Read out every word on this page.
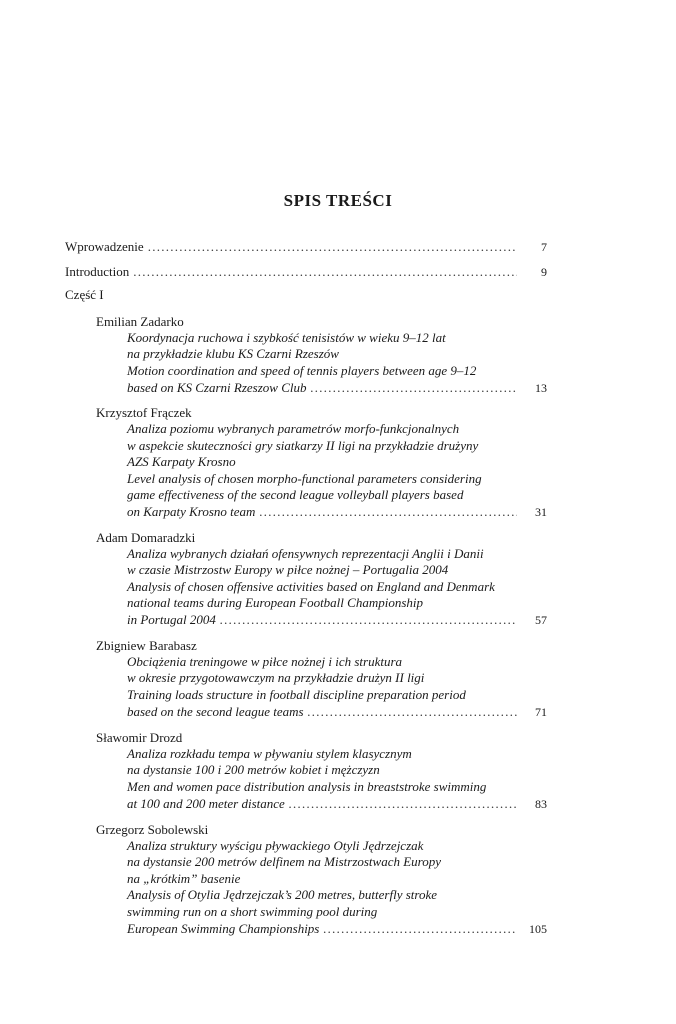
SPIS TREŚCI
Wprowadzenie . . .	7
Introduction . . .	9
Część I
Emilian Zadarko
Koordynacja ruchowa i szybkość tenisistów w wieku 9–12 lat
na przykładzie klubu KS Czarni Rzeszów
Motion coordination and speed of tennis players between age 9–12
based on KS Czarni Rzeszow Club . . .	13
Krzysztof Frączek
Analiza poziomu wybranych parametrów morfo-funkcjonalnych
w aspekcie skuteczności gry siatkarzy II ligi na przykładzie drużyny
AZS Karpaty Krosno
Level analysis of chosen morpho-functional parameters considering
game effectiveness of the second league volleyball players based
on Karpaty Krosno team . . .	31
Adam Domaradzki
Analiza wybranych działań ofensywnych reprezentacji Anglii i Danii
w czasie Mistrzostw Europy w piłce nożnej – Portugalia 2004
Analysis of chosen offensive activities based on England and Denmark
national teams during European Football Championship
in Portugal 2004 . . .	57
Zbigniew Barabasz
Obciążenia treningowe w piłce nożnej i ich struktura
w okresie przygotowawczym na przykładzie drużyn II ligi
Training loads structure in football discipline preparation period
based on the second league teams . . .	71
Sławomir Drozd
Analiza rozkładu tempa w pływaniu stylem klasycznym
na dystansie 100 i 200 metrów kobiet i mężczyzn
Men and women pace distribution analysis in breaststroke swimming
at 100 and 200 meter distance . . .	83
Grzegorz Sobolewski
Analiza struktury wyścigu pływackiego Otyli Jędrzejczak
na dystansie 200 metrów delfinem na Mistrzostwach Europy
na „krótkim” basenie
Analysis of Otylia Jędrzejczak’s 200 metres, butterfly stroke
swimming run on a short swimming pool during
European Swimming Championships . . .	105
